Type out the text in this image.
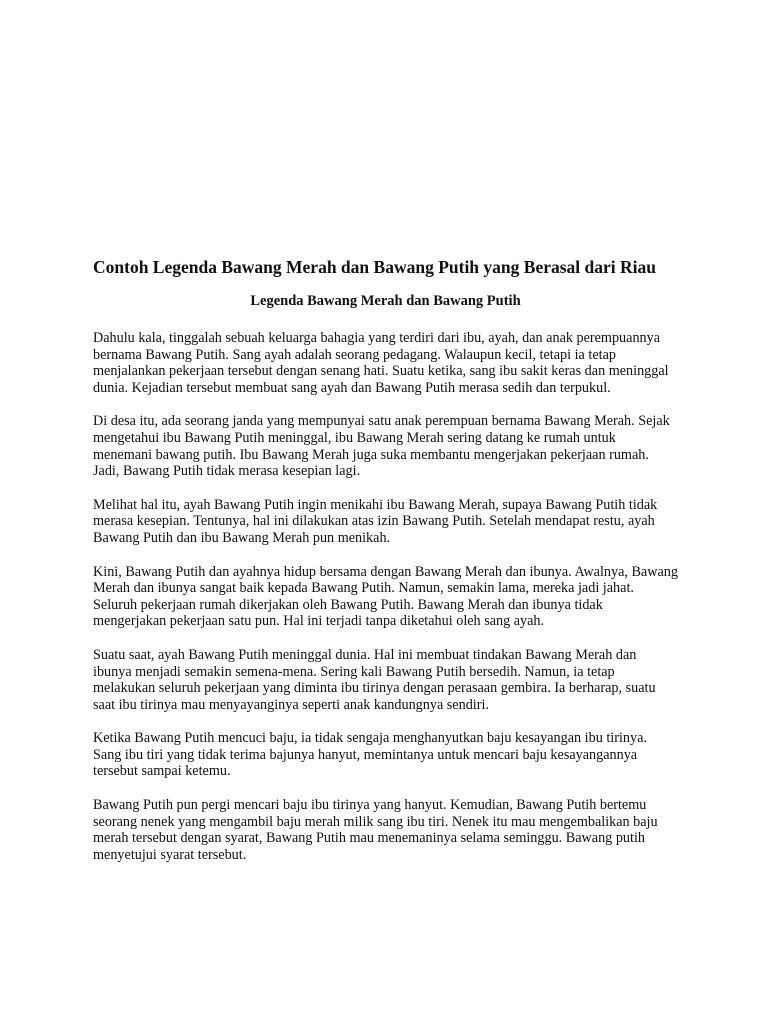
Contoh Legenda Bawang Merah dan Bawang Putih yang Berasal dari Riau
Legenda Bawang Merah dan Bawang Putih

Dahulu kala, tinggalah sebuah keluarga bahagia yang terdiri dari ibu, ayah, dan anak perempuannya bernama Bawang Putih. Sang ayah adalah seorang pedagang. Walaupun kecil, tetapi ia tetap menjalankan pekerjaan tersebut dengan senang hati. Suatu ketika, sang ibu sakit keras dan meninggal dunia. Kejadian tersebut membuat sang ayah dan Bawang Putih merasa sedih dan terpukul.

Di desa itu, ada seorang janda yang mempunyai satu anak perempuan bernama Bawang Merah. Sejak mengetahui ibu Bawang Putih meninggal, ibu Bawang Merah sering datang ke rumah untuk menemani bawang putih. Ibu Bawang Merah juga suka membantu mengerjakan pekerjaan rumah. Jadi, Bawang Putih tidak merasa kesepian lagi.

Melihat hal itu, ayah Bawang Putih ingin menikahi ibu Bawang Merah, supaya Bawang Putih tidak merasa kesepian. Tentunya, hal ini dilakukan atas izin Bawang Putih. Setelah mendapat restu, ayah Bawang Putih dan ibu Bawang Merah pun menikah.

Kini, Bawang Putih dan ayahnya hidup bersama dengan Bawang Merah dan ibunya. Awalnya, Bawang Merah dan ibunya sangat baik kepada Bawang Putih. Namun, semakin lama, mereka jadi jahat. Seluruh pekerjaan rumah dikerjakan oleh Bawang Putih. Bawang Merah dan ibunya tidak mengerjakan pekerjaan satu pun. Hal ini terjadi tanpa diketahui oleh sang ayah.

Suatu saat, ayah Bawang Putih meninggal dunia. Hal ini membuat tindakan Bawang Merah dan ibunya menjadi semakin semena-mena. Sering kali Bawang Putih bersedih. Namun, ia tetap melakukan seluruh pekerjaan yang diminta ibu tirinya dengan perasaan gembira. Ia berharap, suatu saat ibu tirinya mau menyayanginya seperti anak kandungnya sendiri.

Ketika Bawang Putih mencuci baju, ia tidak sengaja menghanyutkan baju kesayangan ibu tirinya. Sang ibu tiri yang tidak terima bajunya hanyut, memintanya untuk mencari baju kesayangannya tersebut sampai ketemu.

Bawang Putih pun pergi mencari baju ibu tirinya yang hanyut. Kemudian, Bawang Putih bertemu seorang nenek yang mengambil baju merah milik sang ibu tiri. Nenek itu mau mengembalikan baju merah tersebut dengan syarat, Bawang Putih mau menemaninya selama seminggu. Bawang putih menyetujui syarat tersebut.
